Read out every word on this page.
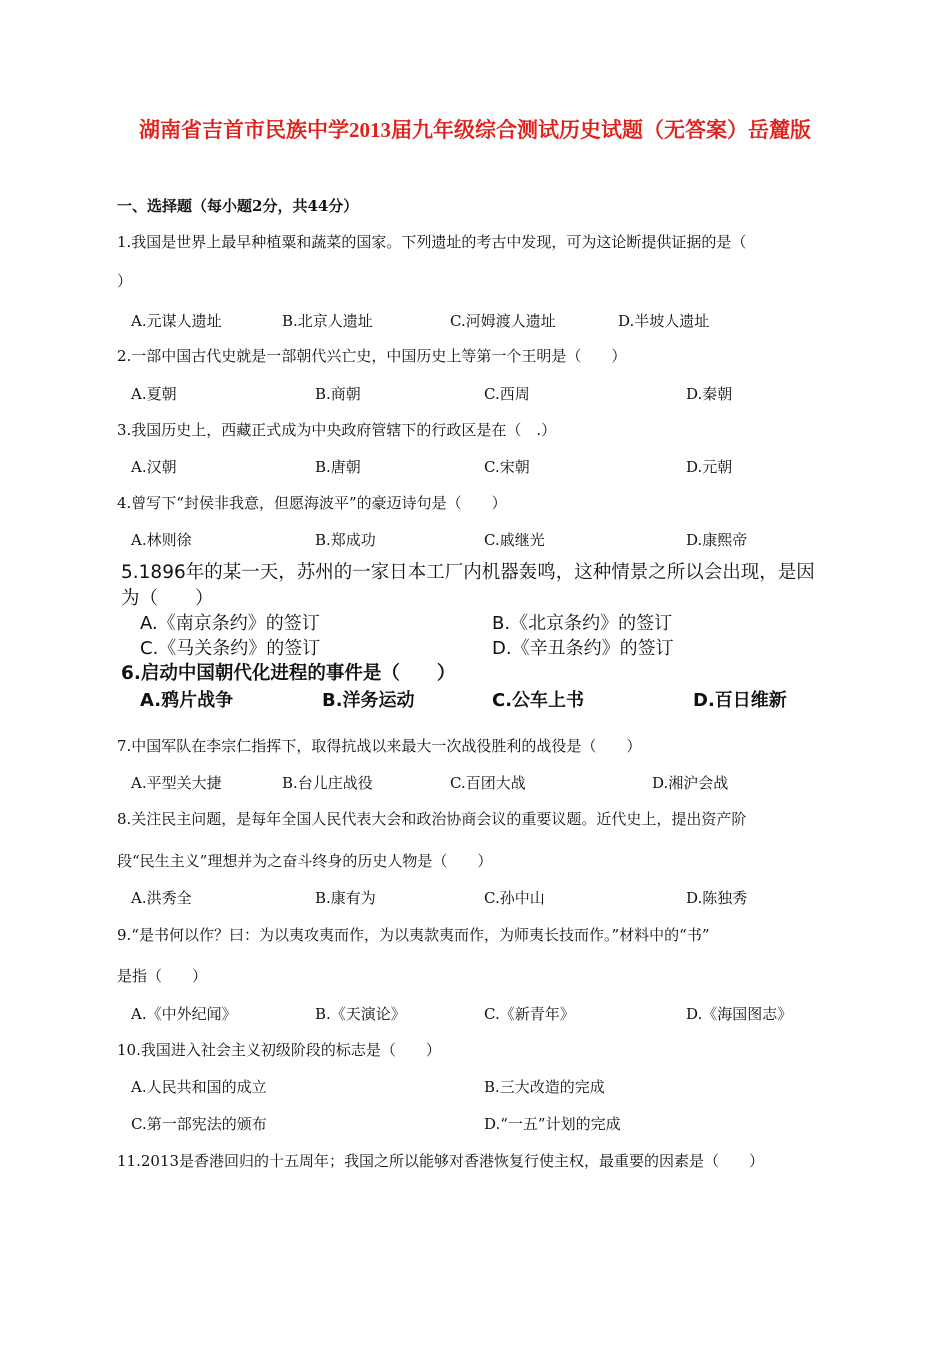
湖南省吉首市民族中学2013届九年级综合测试历史试题（无答案）岳麓版
一、选择题（每小题2分，共44分）
1.我国是世界上最早种植粟和蔬菜的国家。下列遗址的考古中发现，可为这论断提供证据的是（
）
A.元谋人遗址	B.北京人遗址	C.河姆渡人遗址	D.半坡人遗址
2.一部中国古代史就是一部朝代兴亡史，中国历史上等第一个王明是（　　）
A.夏朝	B.商朝	C.西周	D.秦朝
3.我国历史上，西藏正式成为中央政府管辖下的行政区是在（　.）
A.汉朝	B.唐朝	C.宋朝	D.元朝
4.曾写下“封侯非我意，但愿海波平”的豪迈诗句是（　　）
A.林则徐	B.郑成功	C.戚继光	D.康熙帝
5.1896年的某一天，苏州的一家日本工厂内机器轰鸣，这种情景之所以会出现，是因
为（　　）
A.《南京条约》的签订	B.《北京条约》的签订
C.《马关条约》的签订	D.《辛丑条约》的签订
6.启动中国朝代化进程的事件是（　　）
A.鸦片战争	B.洋务运动	C.公车上书	D.百日维新
7.中国军队在李宗仁指挥下，取得抗战以来最大一次战役胜利的战役是（　　）
A.平型关大捷	B.台儿庄战役	C.百团大战	D.湘沪会战
8.关注民主问题，是每年全国人民代表大会和政治协商会议的重要议题。近代史上，提出资产阶
段“民生主义”理想并为之奋斗终身的历史人物是（　　）
A.洪秀全	B.康有为	C.孙中山	D.陈独秀
9.“是书何以作？曰：为以夷攻夷而作，为以夷款夷而作，为师夷长技而作。”材料中的“书”
是指（　　）
A.《中外纪闻》	B.《天演论》	C.《新青年》	D.《海国图志》
10.我国进入社会主义初级阶段的标志是（　　）
A.人民共和国的成立	B.三大改造的完成
C.第一部宪法的颁布	D.“一五”计划的完成
11.2013是香港回归的十五周年；我国之所以能够对香港恢复行使主权，最重要的因素是（　　）
